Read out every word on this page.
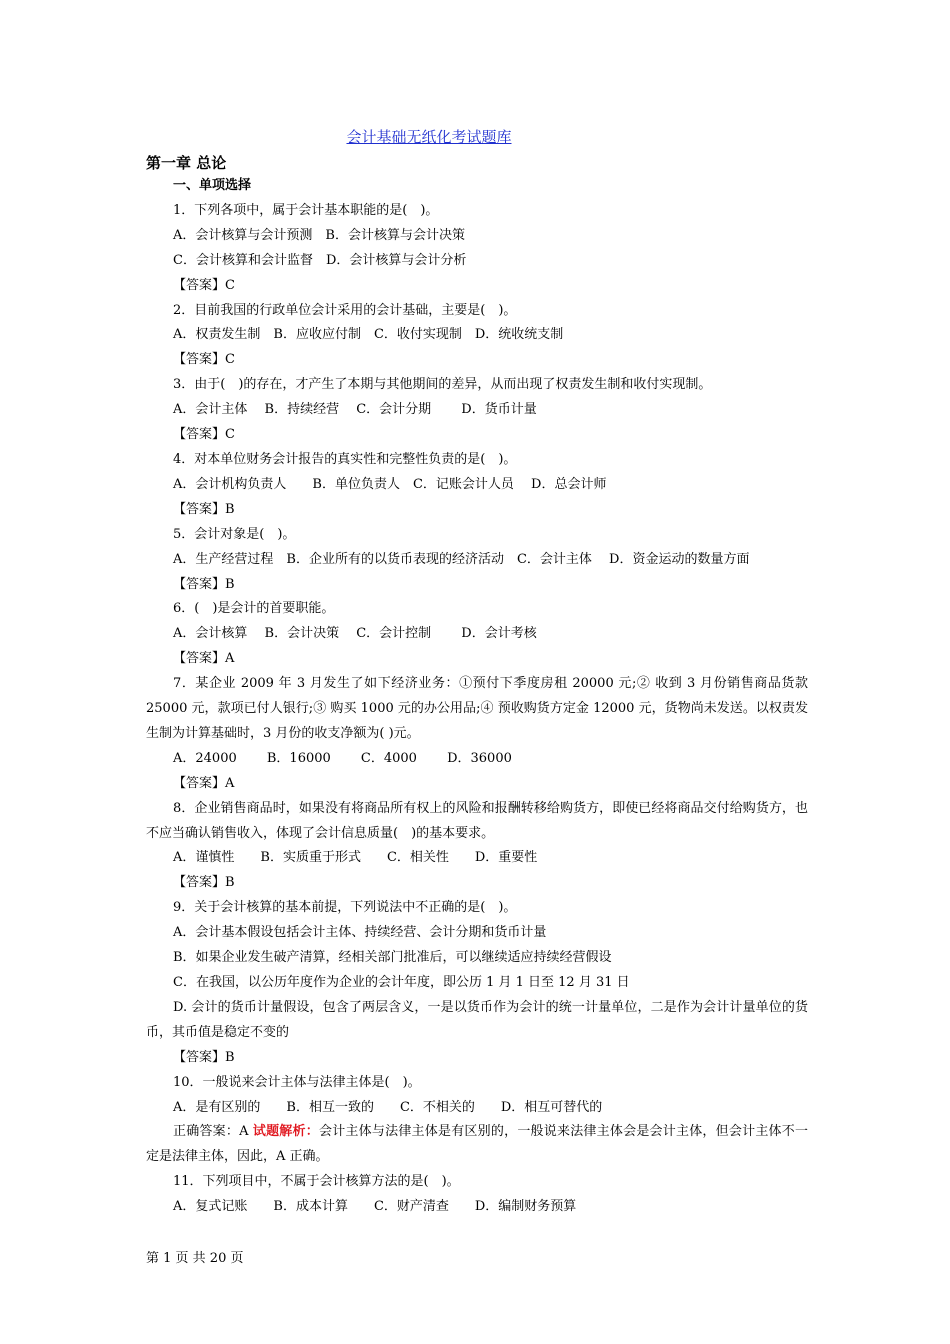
会计基础无纸化考试题库
第一章 总论

一、单项选择

1．下列各项中，属于会计基本职能的是(　)。

A．会计核算与会计预测　B．会计核算与会计决策

C．会计核算和会计监督　D．会计核算与会计分析

【答案】C

2．目前我国的行政单位会计采用的会计基础，主要是(　)。

A．权责发生制　B．应收应付制　C．收付实现制　D．统收统支制

【答案】C

3．由于(　)的存在，才产生了本期与其他期间的差异，从而出现了权责发生制和收付实现制。

A．会计主体　 B．持续经营　 C．会计分期　　 D．货币计量

【答案】C

4．对本单位财务会计报告的真实性和完整性负责的是(　)。

A．会计机构负责人　　B．单位负责人　C．记账会计人员　 D．总会计师

【答案】B

5．会计对象是(　)。

A．生产经营过程　B．企业所有的以货币表现的经济活动　C．会计主体　 D．资金运动的数量方面

【答案】B

6．(　)是会计的首要职能。

A．会计核算　 B．会计决策　 C．会计控制　　 D．会计考核

【答案】A

7．某企业 2009 年 3 月发生了如下经济业务：①预付下季度房租 20000 元;② 收到 3 月份销售商品货款 25000 元，款项已付人银行;③ 购买 1000 元的办公用品;④ 预收购货方定金 12000 元，货物尚未发送。以权责发生制为计算基础时，3 月份的收支净额为( )元。

A．24000　　 B．16000　　 C．4000　　 D．36000

【答案】A

8．企业销售商品时，如果没有将商品所有权上的风险和报酬转移给购货方，即使已经将商品交付给购货方，也不应当确认销售收入，体现了会计信息质量(　)的基本要求。

A．谨慎性　　B．实质重于形式　　C．相关性　　D．重要性

【答案】B

9．关于会计核算的基本前提，下列说法中不正确的是(　)。

A．会计基本假设包括会计主体、持续经营、会计分期和货币计量

B．如果企业发生破产清算，经相关部门批准后，可以继续适应持续经营假设

C．在我国，以公历年度作为企业的会计年度，即公历 1 月 1 日至 12 月 31 日

D. 会计的货币计量假设，包含了两层含义，一是以货币作为会计的统一计量单位，二是作为会计计量单位的货币，其币值是稳定不变的

【答案】B

10．一般说来会计主体与法律主体是(　)。

A．是有区别的　　B．相互一致的　　C．不相关的　　D．相互可替代的

正确答案：A 试题解析：会计主体与法律主体是有区别的，一般说来法律主体会是会计主体，但会计主体不一定是法律主体，因此，A 正确。

11．下列项目中，不属于会计核算方法的是(　)。

A．复式记账　　B．成本计算　　C．财产清查　　D．编制财务预算

第 1 页 共 20 页
